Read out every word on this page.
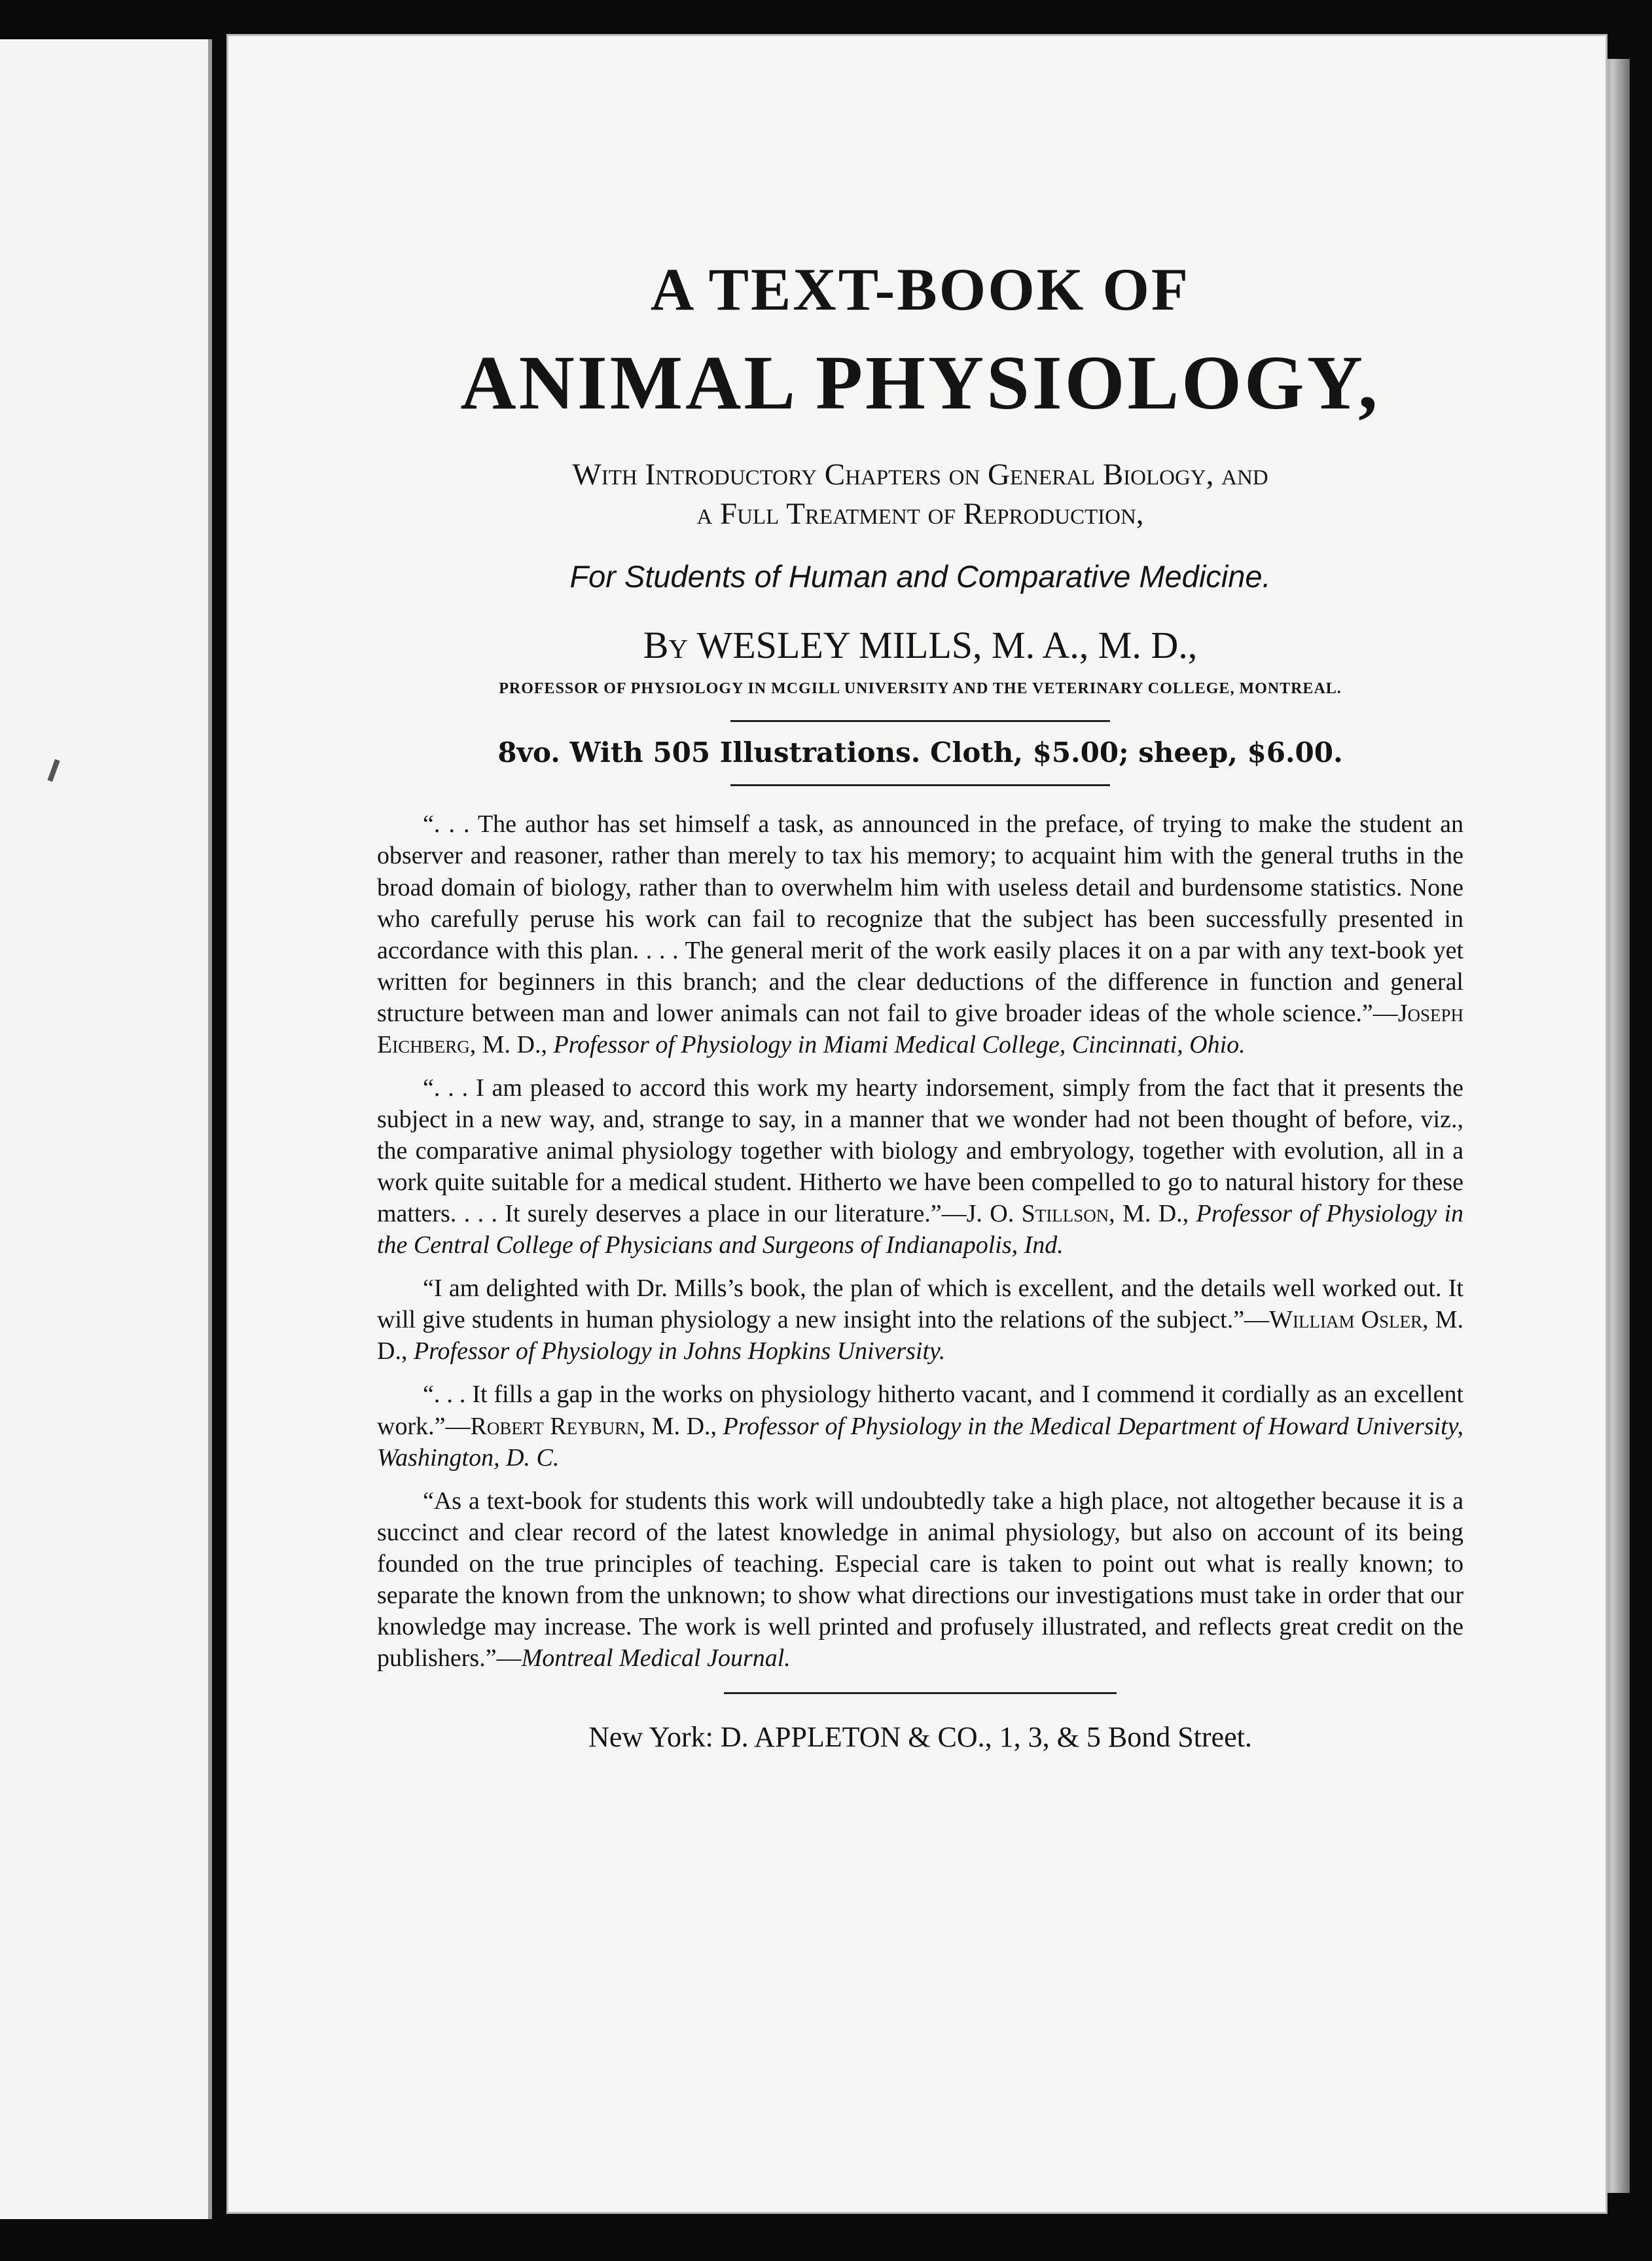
A TEXT-BOOK OF
ANIMAL PHYSIOLOGY,
With Introductory Chapters on General Biology, and
a Full Treatment of Reproduction,
For Students of Human and Comparative Medicine.
By WESLEY MILLS, M. A., M. D.,
PROFESSOR OF PHYSIOLOGY IN MCGILL UNIVERSITY AND THE VETERINARY COLLEGE, MONTREAL.
8vo. With 505 Illustrations. Cloth, $5.00; sheep, $6.00.

“. . . The author has set himself a task, as announced in the preface, of trying to make the student an observer and reasoner, rather than merely to tax his memory; to acquaint him with the general truths in the broad domain of biology, rather than to overwhelm him with useless detail and burdensome statistics. None who carefully peruse his work can fail to recognize that the subject has been successfully presented in accordance with this plan. . . . The general merit of the work easily places it on a par with any text-book yet written for beginners in this branch; and the clear deductions of the difference in function and general structure between man and lower animals can not fail to give broader ideas of the whole science.”—Joseph Eichberg, M. D., Professor of Physiology in Miami Medical College, Cincinnati, Ohio.

“. . . I am pleased to accord this work my hearty indorsement, simply from the fact that it presents the subject in a new way, and, strange to say, in a manner that we wonder had not been thought of before, viz., the comparative animal physiology together with biology and embryology, together with evolution, all in a work quite suitable for a medical student. Hitherto we have been compelled to go to natural history for these matters. . . . It surely deserves a place in our literature.”—J. O. Stillson, M. D., Professor of Physiology in the Central College of Physicians and Surgeons of Indianapolis, Ind.

“I am delighted with Dr. Mills’s book, the plan of which is excellent, and the details well worked out. It will give students in human physiology a new insight into the relations of the subject.”—William Osler, M. D., Professor of Physiology in Johns Hopkins University.

“. . . It fills a gap in the works on physiology hitherto vacant, and I commend it cordially as an excellent work.”—Robert Reyburn, M. D., Professor of Physiology in the Medical Department of Howard University, Washington, D. C.

“As a text-book for students this work will undoubtedly take a high place, not altogether because it is a succinct and clear record of the latest knowledge in animal physiology, but also on account of its being founded on the true principles of teaching. Especial care is taken to point out what is really known; to separate the known from the unknown; to show what directions our investigations must take in order that our knowledge may increase. The work is well printed and profusely illustrated, and reflects great credit on the publishers.”—Montreal Medical Journal.

New York: D. APPLETON & CO., 1, 3, & 5 Bond Street.
